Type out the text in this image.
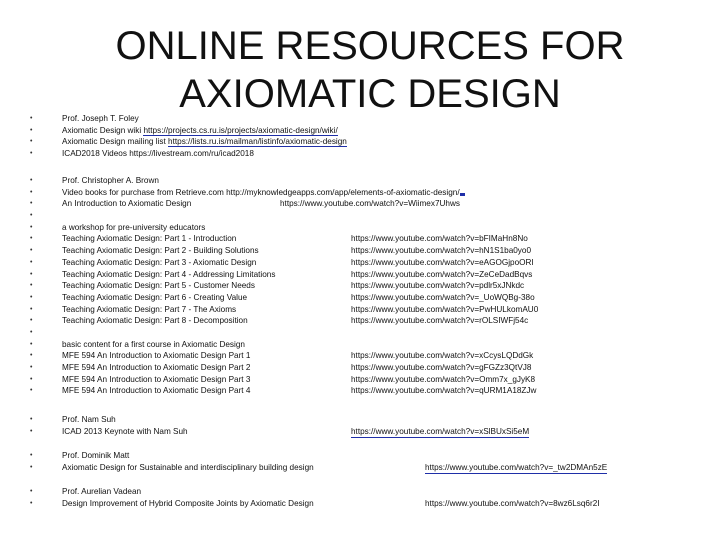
ONLINE RESOURCES FOR AXIOMATIC DESIGN
•	Prof. Joseph T. Foley
•	Axiomatic Design wiki https://projects.cs.ru.is/projects/axiomatic-design/wiki/
•	Axiomatic Design mailing list https://lists.ru.is/mailman/listinfo/axiomatic-design
•	ICAD2018 Videos https://livestream.com/ru/icad2018
•	Prof. Christopher A. Brown
•	Video books for purchase from Retrieve.com http://myknowledgeapps.com/app/elements-of-axiomatic-design/
•	An Introduction to Axiomatic Design	https://www.youtube.com/watch?v=Wiimex7Uhws
•
•	a workshop for pre-university educators
•	Teaching Axiomatic Design: Part 1 - Introduction	https://www.youtube.com/watch?v=bFIMaHn8No
•	Teaching Axiomatic Design: Part 2 - Building Solutions	https://www.youtube.com/watch?v=hN1S1ba0yo0
•	Teaching Axiomatic Design: Part 3 - Axiomatic Design	https://www.youtube.com/watch?v=eAGOGjpoORI
•	Teaching Axiomatic Design: Part 4 - Addressing Limitations	https://www.youtube.com/watch?v=ZeCeDadBqvs
•	Teaching Axiomatic Design: Part 5 - Customer Needs	https://www.youtube.com/watch?v=pdlr5xJNkdc
•	Teaching Axiomatic Design: Part 6 - Creating Value	https://www.youtube.com/watch?v=_UoWQBg-38o
•	Teaching Axiomatic Design: Part 7 - The Axioms	https://www.youtube.com/watch?v=PwHULkomAU0
•	Teaching Axiomatic Design: Part 8 - Decomposition	https://www.youtube.com/watch?v=rOLSIWFj54c
•
•	basic content for a first course in Axiomatic Design
•	MFE 594 An Introduction to Axiomatic Design Part 1	https://www.youtube.com/watch?v=xCcysLQDdGk
•	MFE 594 An Introduction to Axiomatic Design Part 2	https://www.youtube.com/watch?v=gFGZz3QtVJ8
•	MFE 594 An Introduction to Axiomatic Design Part 3	https://www.youtube.com/watch?v=Omm7x_gJyK8
•	MFE 594 An Introduction to Axiomatic Design Part 4	https://www.youtube.com/watch?v=qURM1A18ZJw
•	Prof. Nam Suh
•	ICAD 2013 Keynote with Nam Suh	https://www.youtube.com/watch?v=xSlBUxSi5eM
•	Prof. Dominik Matt
•	Axiomatic Design for Sustainable and interdisciplinary building design	https://www.youtube.com/watch?v=_tw2DMAn5zE
•	Prof. Aurelian Vadean
•	Design Improvement of Hybrid Composite Joints by Axiomatic Design	https://www.youtube.com/watch?v=8wz6Lsq6r2I
